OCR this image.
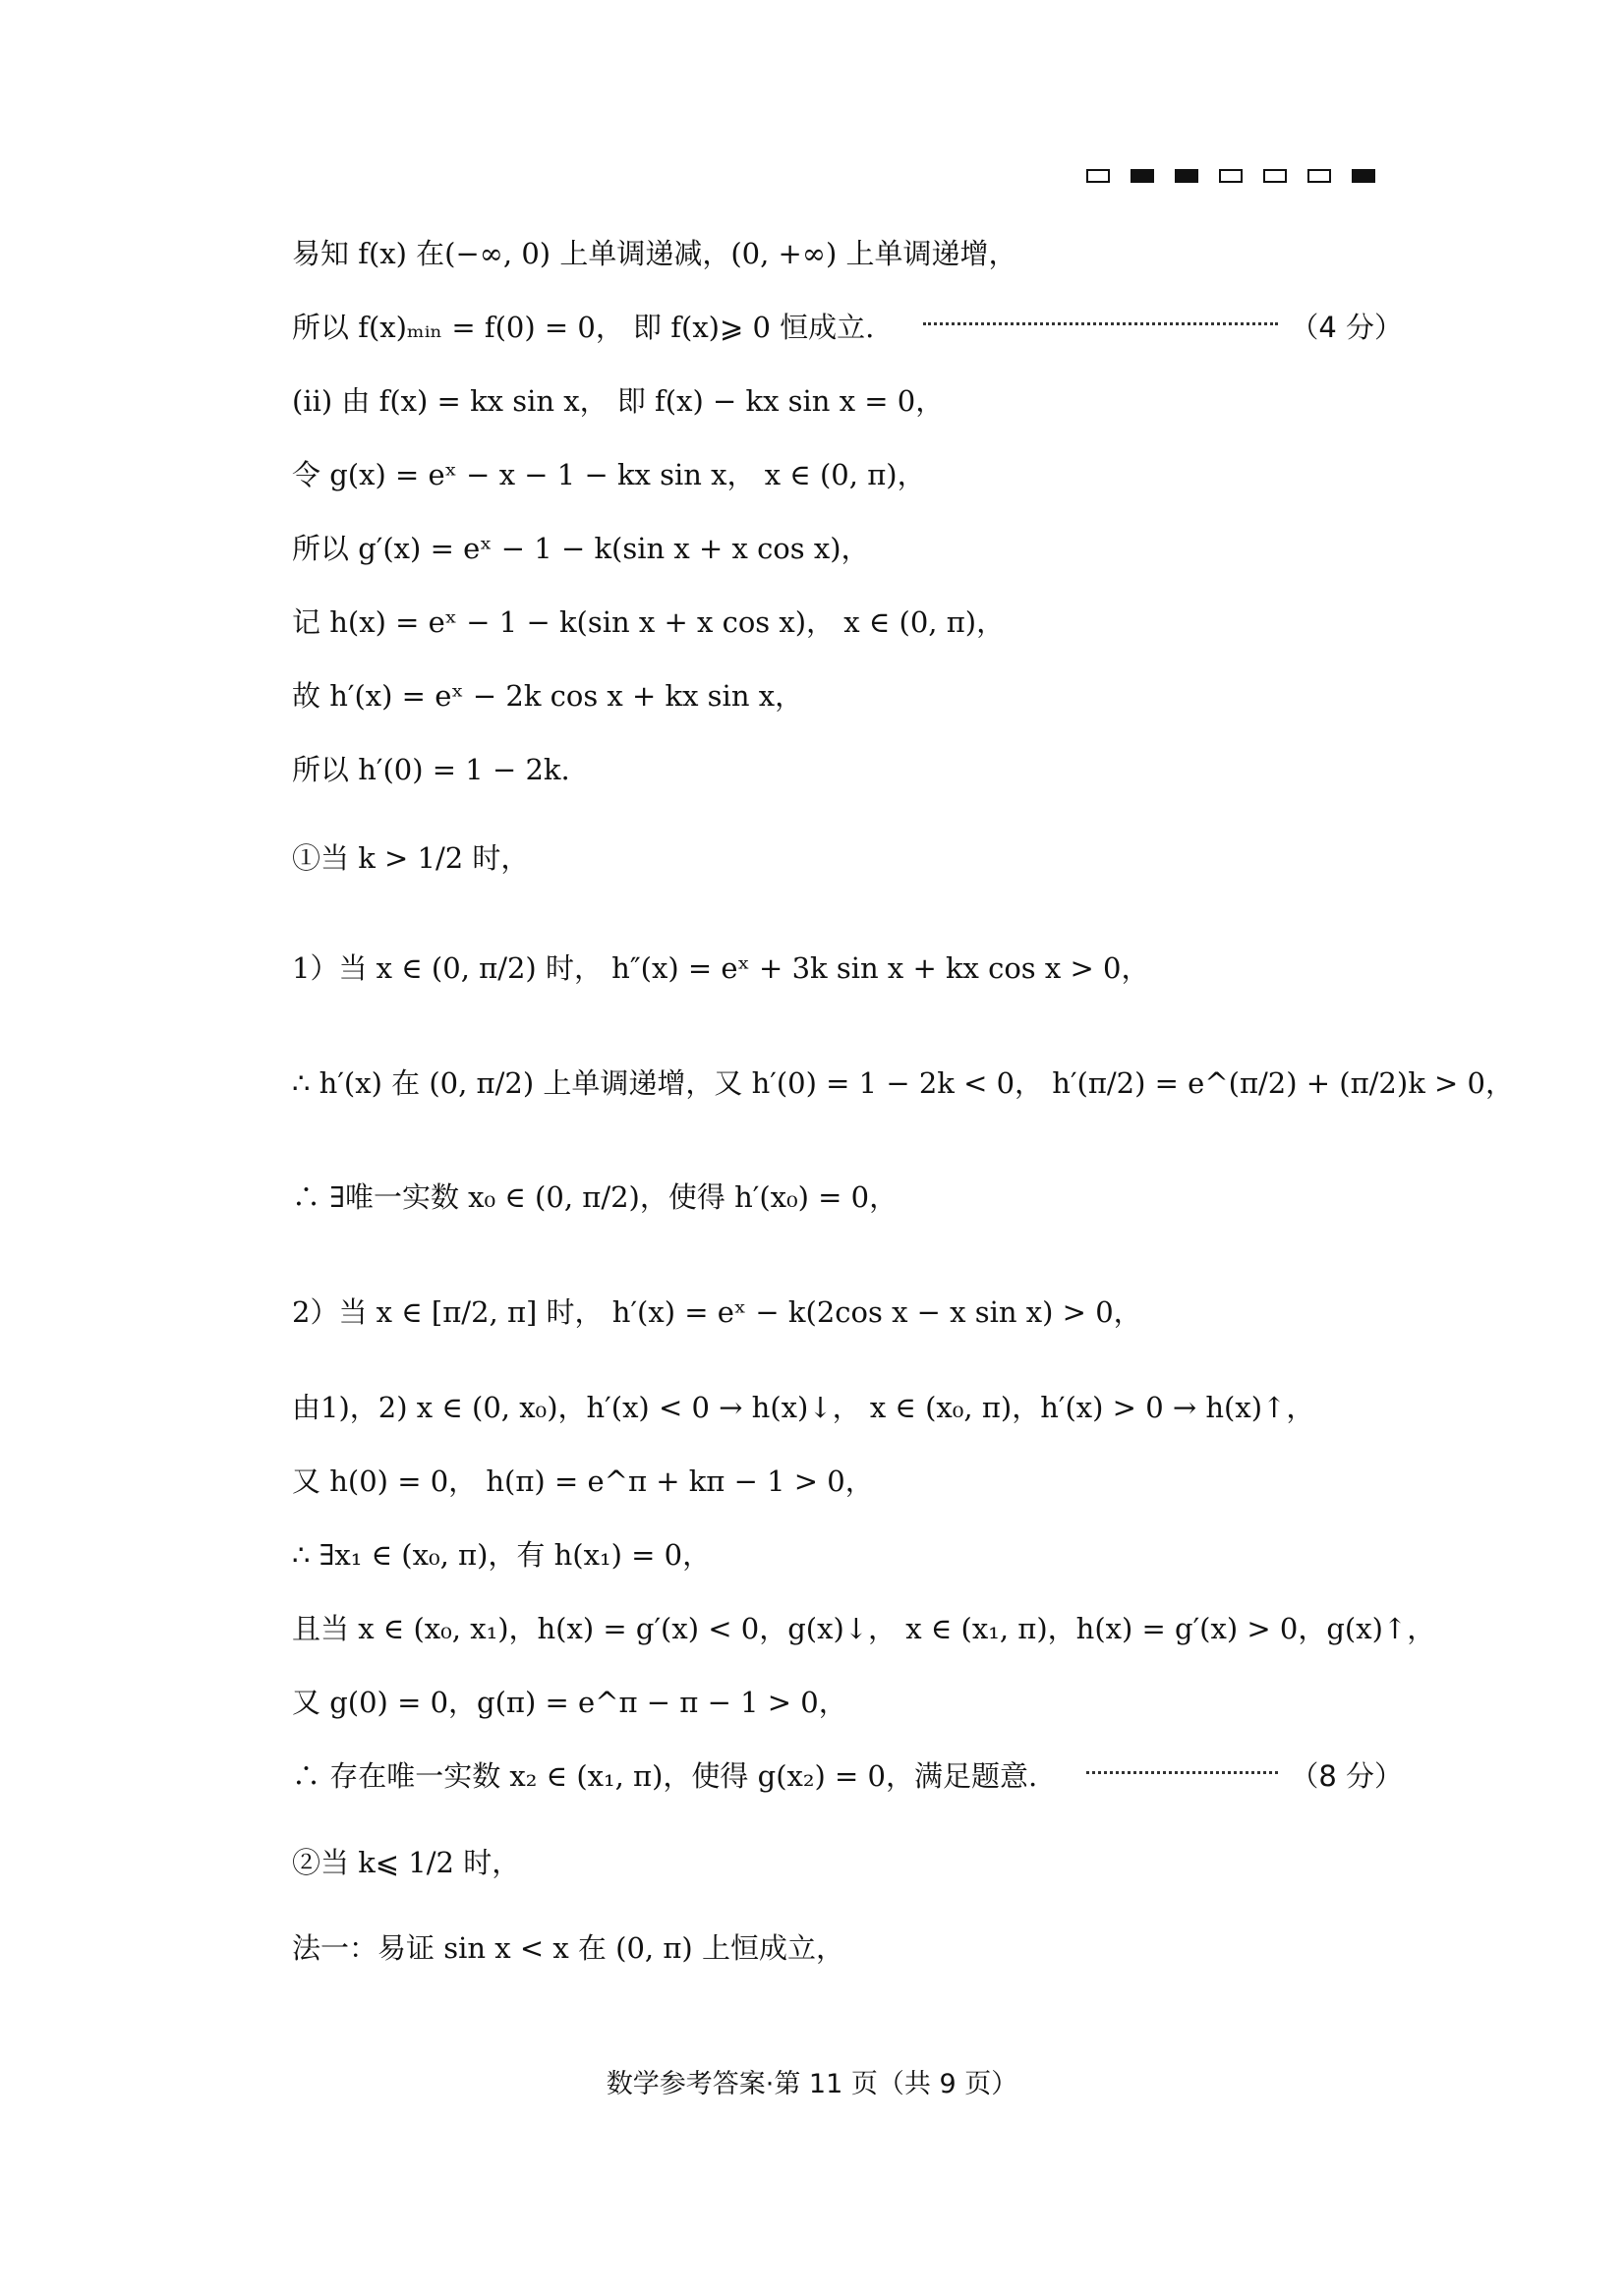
易知 f(x) 在(−∞, 0) 上单调递减，(0, +∞) 上单调递增，
所以 f(x)ₘᵢₙ = f(0) = 0， 即 f(x)⩾ 0 恒成立.	（4 分）
(ii) 由 f(x) = kx sin x， 即 f(x) − kx sin x = 0，
令 g(x) = eˣ − x − 1 − kx sin x， x ∈ (0, π)，
所以 g′(x) = eˣ − 1 − k(sin x + x cos x)，
记 h(x) = eˣ − 1 − k(sin x + x cos x)， x ∈ (0, π)，
故 h′(x) = eˣ − 2k cos x + kx sin x，
所以 h′(0) = 1 − 2k.
①当 k > 1/2 时，
1）当 x ∈ (0, π/2) 时， h″(x) = eˣ + 3k sin x + kx cos x > 0，
∴ h′(x) 在 (0, π/2) 上单调递增，又 h′(0) = 1 − 2k < 0， h′(π/2) = e^(π/2) + (π/2)k > 0，
∴ ∃唯一实数 x₀ ∈ (0, π/2)，使得 h′(x₀) = 0，
2）当 x ∈ [π/2, π] 时， h′(x) = eˣ − k(2cos x − x sin x) > 0，
由1)，2) x ∈ (0, x₀)，h′(x) < 0 → h(x)↓， x ∈ (x₀, π)，h′(x) > 0 → h(x)↑，
又 h(0) = 0， h(π) = e^π + kπ − 1 > 0，
∴ ∃x₁ ∈ (x₀, π)，有 h(x₁) = 0，
且当 x ∈ (x₀, x₁)，h(x) = g′(x) < 0，g(x)↓， x ∈ (x₁, π)，h(x) = g′(x) > 0，g(x)↑，
又 g(0) = 0，g(π) = e^π − π − 1 > 0，
∴ 存在唯一实数 x₂ ∈ (x₁, π)，使得 g(x₂) = 0，满足题意.	（8 分）
②当 k⩽ 1/2 时，
法一：易证 sin x < x 在 (0, π) 上恒成立，
数学参考答案·第 11 页（共 9 页）
